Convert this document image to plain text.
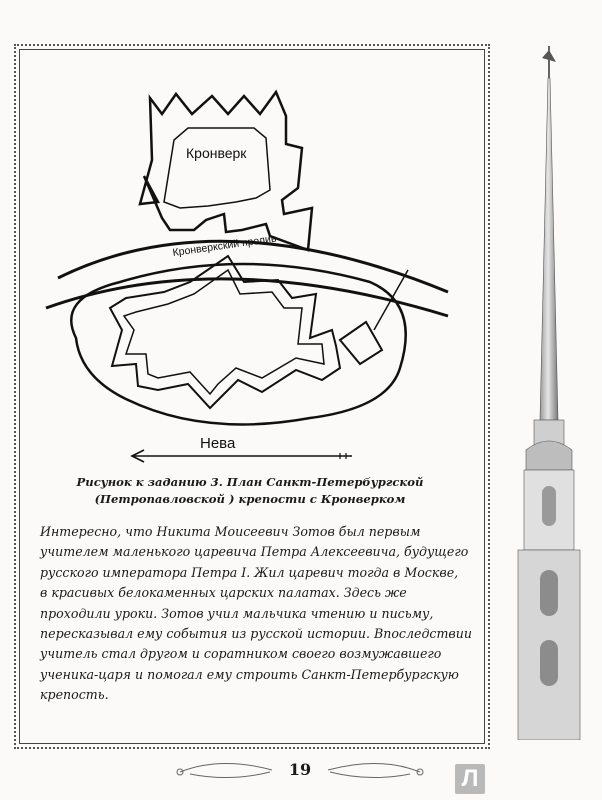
Кронверк
Кронверкский пролив
Нева
Рисунок к заданию 3. План Санкт-Петербургской
(Петропавловской ) крепости с Кронверком
Интересно, что Никита Моисеевич Зотов был первым
учителем маленького царевича Петра Алексеевича, будущего
русского императора Петра I. Жил царевич тогда в Москве,
в красивых белокаменных царских палатах. Здесь же
проходили уроки. Зотов учил мальчика чтению и письму,
пересказывал ему события из русской истории. Впоследствии
учитель стал другом и соратником своего возмужавшего
ученика-царя и помогал ему строить Санкт-Петербургскую
крепость.
19	Л
